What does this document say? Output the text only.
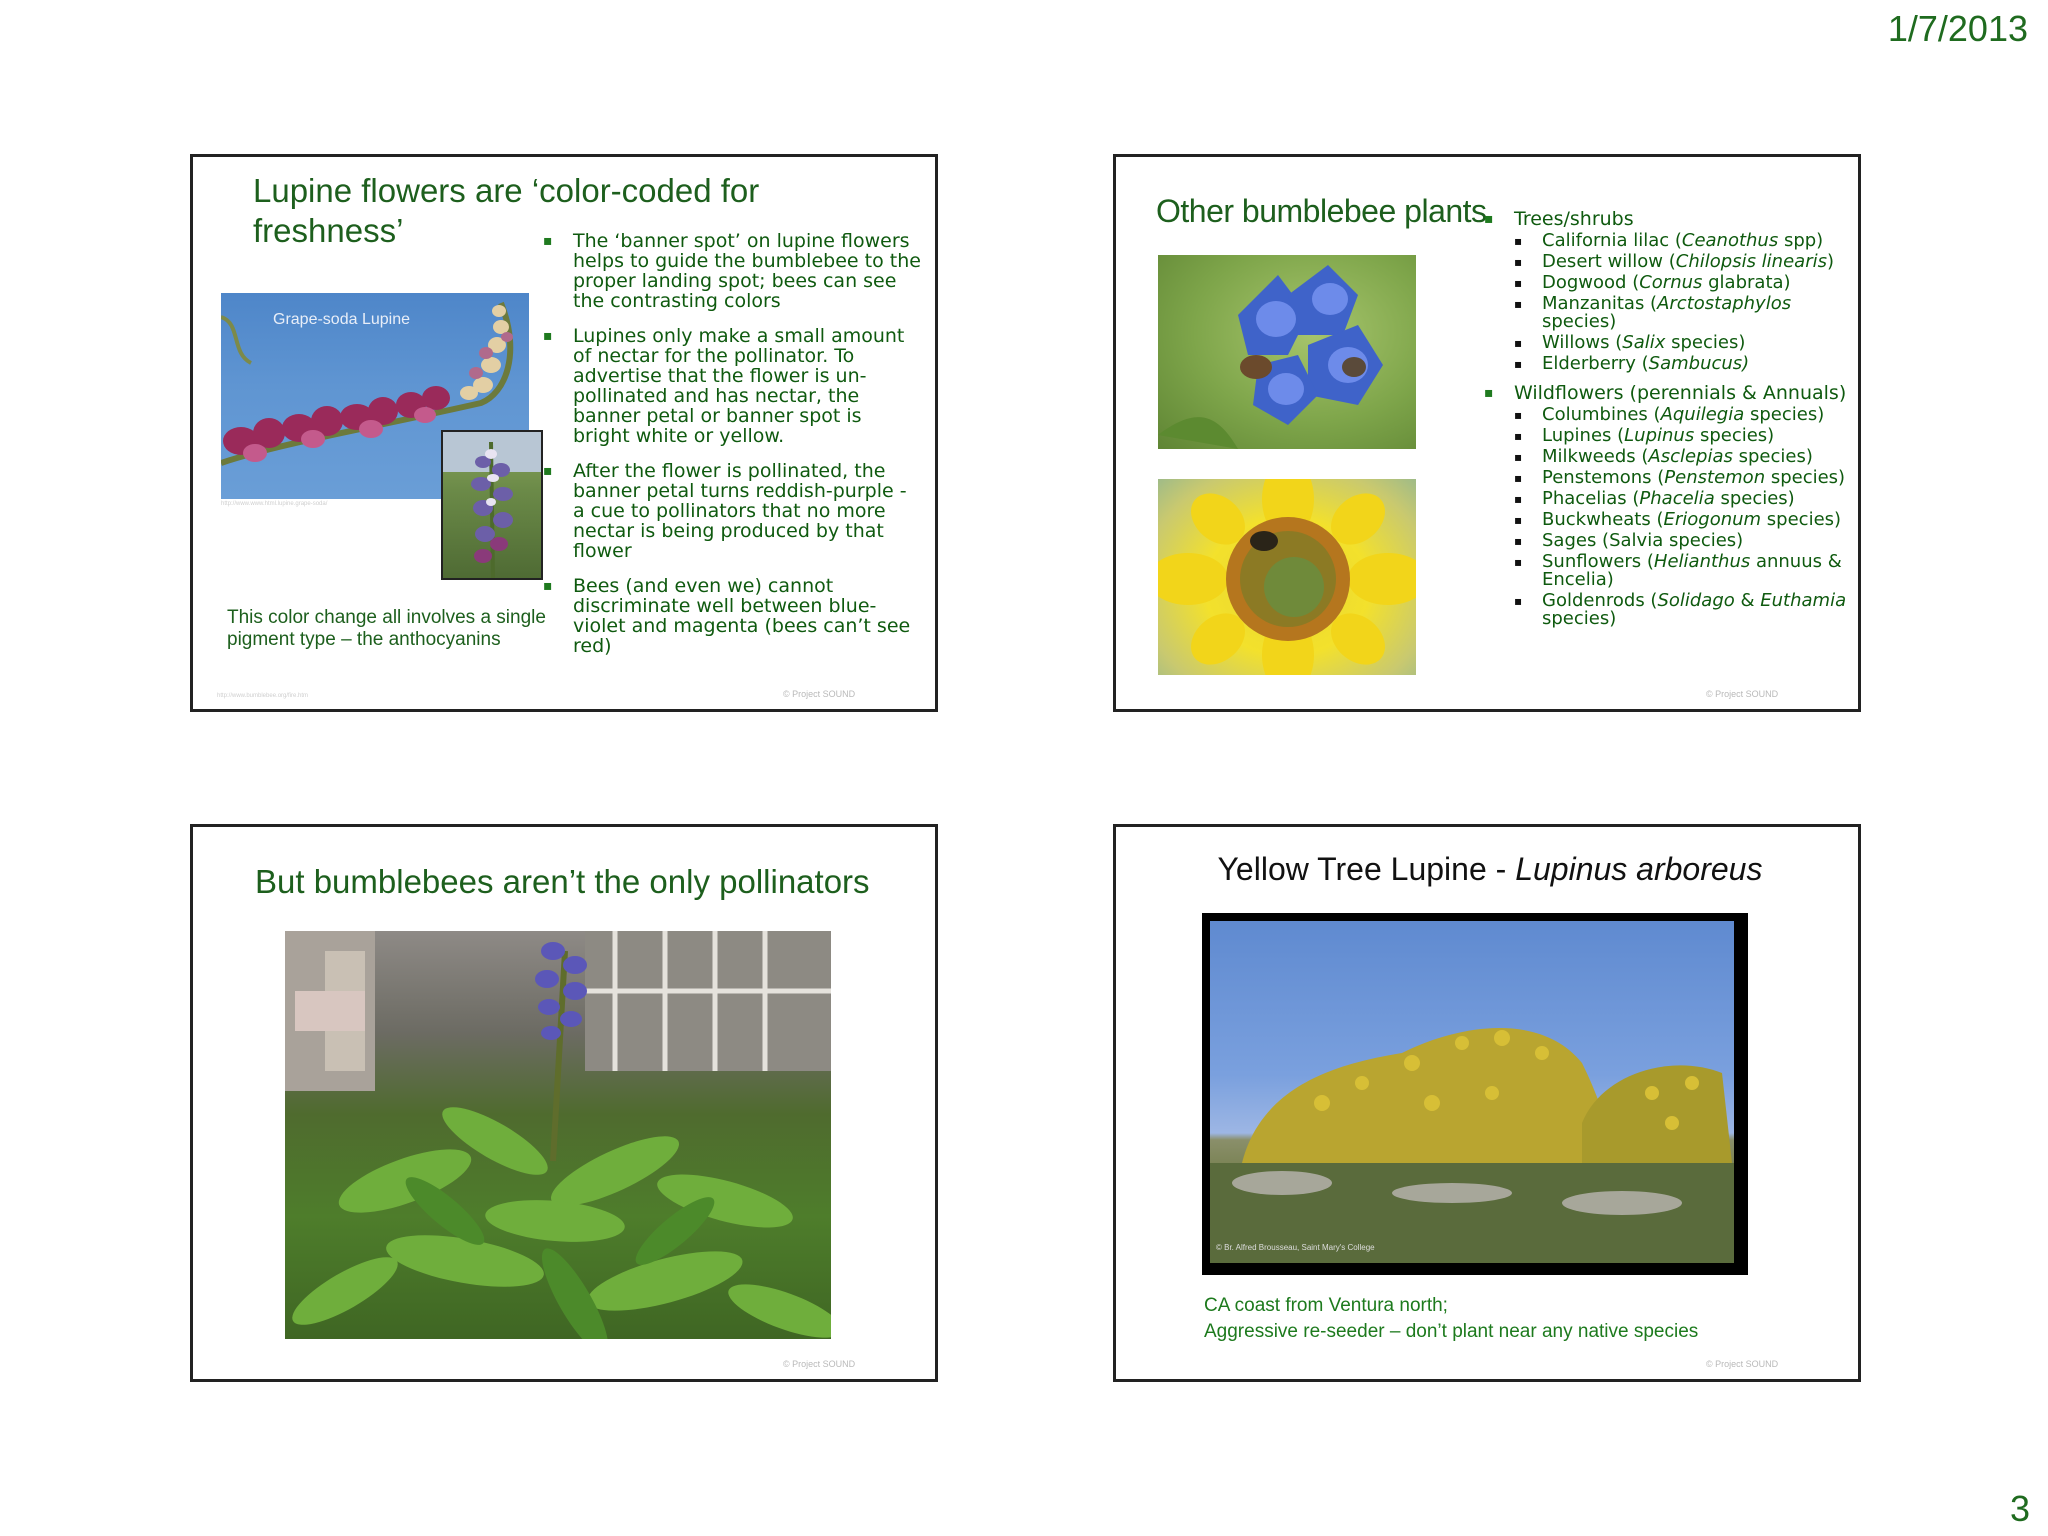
1/7/2013
Lupine flowers are ‘color-coded for freshness’
Grape-soda Lupine
http://www.www.html.lupine.grape-soda/
This color change all involves a single pigment type – the anthocyanins
▪ The ‘banner spot’ on lupine flowers helps to guide the bumblebee to the proper landing spot; bees can see the contrasting colors
▪ Lupines only make a small amount of nectar for the pollinator. To advertise that the flower is un-pollinated and has nectar, the banner petal or banner spot is bright white or yellow.
▪ After the flower is pollinated, the banner petal turns reddish-purple - a cue to pollinators that no more nectar is being produced by that flower
▪ Bees (and even we) cannot discriminate well between blue-violet and magenta (bees can’t see red)
http://www.bumblebee.org/fire.htm	© Project SOUND
Other bumblebee plants
▪	Trees/shrubs
▪ California lilac (Ceanothus spp)
▪ Desert willow (Chilopsis linearis)
▪ Dogwood (Cornus glabrata)
▪ Manzanitas (Arctostaphylos species)
▪ Willows (Salix species)
▪ Elderberry (Sambucus)
▪ Wildflowers (perennials & Annuals)
▪ Columbines (Aquilegia species)
▪ Lupines (Lupinus species)
▪ Milkweeds (Asclepias species)
▪ Penstemons (Penstemon species)
▪ Phacelias (Phacelia species)
▪ Buckwheats (Eriogonum species)
▪ Sages (Salvia species)
▪ Sunflowers (Helianthus annuus & Encelia)
▪ Goldenrods (Solidago & Euthamia species)
© Project SOUND
But bumblebees aren’t the only pollinators
© Project SOUND
Yellow Tree Lupine - Lupinus arboreus
© Br. Alfred Brousseau, Saint Mary's College
CA coast from Ventura north;
Aggressive re-seeder – don’t plant near any native species
© Project SOUND
3
